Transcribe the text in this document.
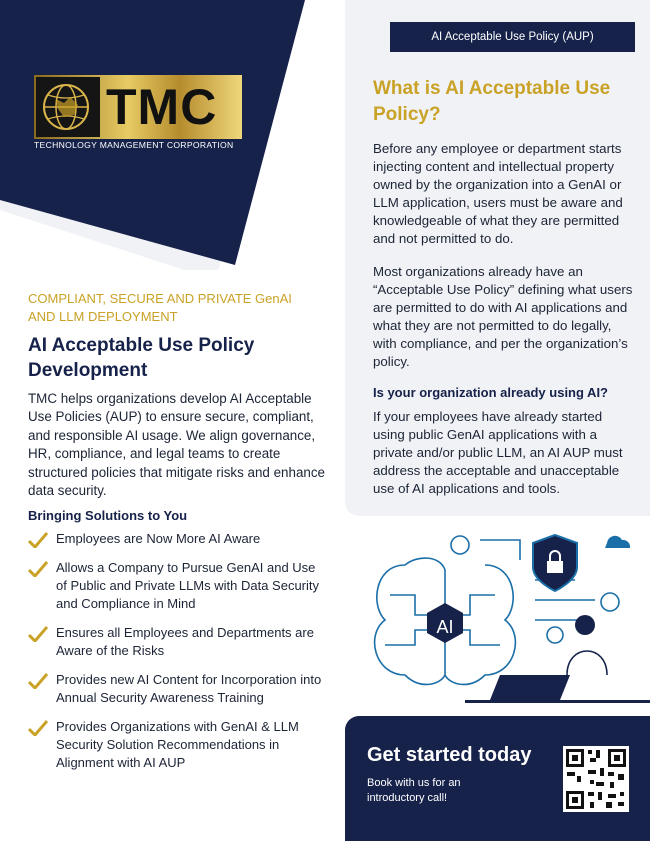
AI Acceptable Use Policy (AUP)
TMC
TECHNOLOGY MANAGEMENT CORPORATION
COMPLIANT, SECURE AND PRIVATE GenAI AND LLM DEPLOYMENT
AI Acceptable Use Policy Development
TMC helps organizations develop AI Acceptable Use Policies (AUP) to ensure secure, compliant, and responsible AI usage. We align governance, HR, compliance, and legal teams to create structured policies that mitigate risks and enhance data security.
Bringing Solutions to You
Employees are Now More AI Aware
Allows a Company to Pursue GenAI and Use of Public and Private LLMs with Data Security and Compliance in Mind
Ensures all Employees and Departments are Aware of the Risks
Provides new AI Content for Incorporation into Annual Security Awareness Training
Provides Organizations with GenAI & LLM Security Solution Recommendations in Alignment with AI AUP
What is AI Acceptable Use Policy?
Before any employee or department starts injecting content and intellectual property owned by the organization into a GenAI or LLM application, users must be aware and knowledgeable of what they are permitted and not permitted to do.
Most organizations already have an “Acceptable Use Policy” defining what users are permitted to do with AI applications and what they are not permitted to do legally, with compliance, and per the organization’s policy.
Is your organization already using AI?
If your employees have already started using public GenAI applications with a private and/or public LLM, an AI AUP must address the acceptable and unacceptable use of AI applications and tools.
AI
Get started today
Book with us for an introductory call!
